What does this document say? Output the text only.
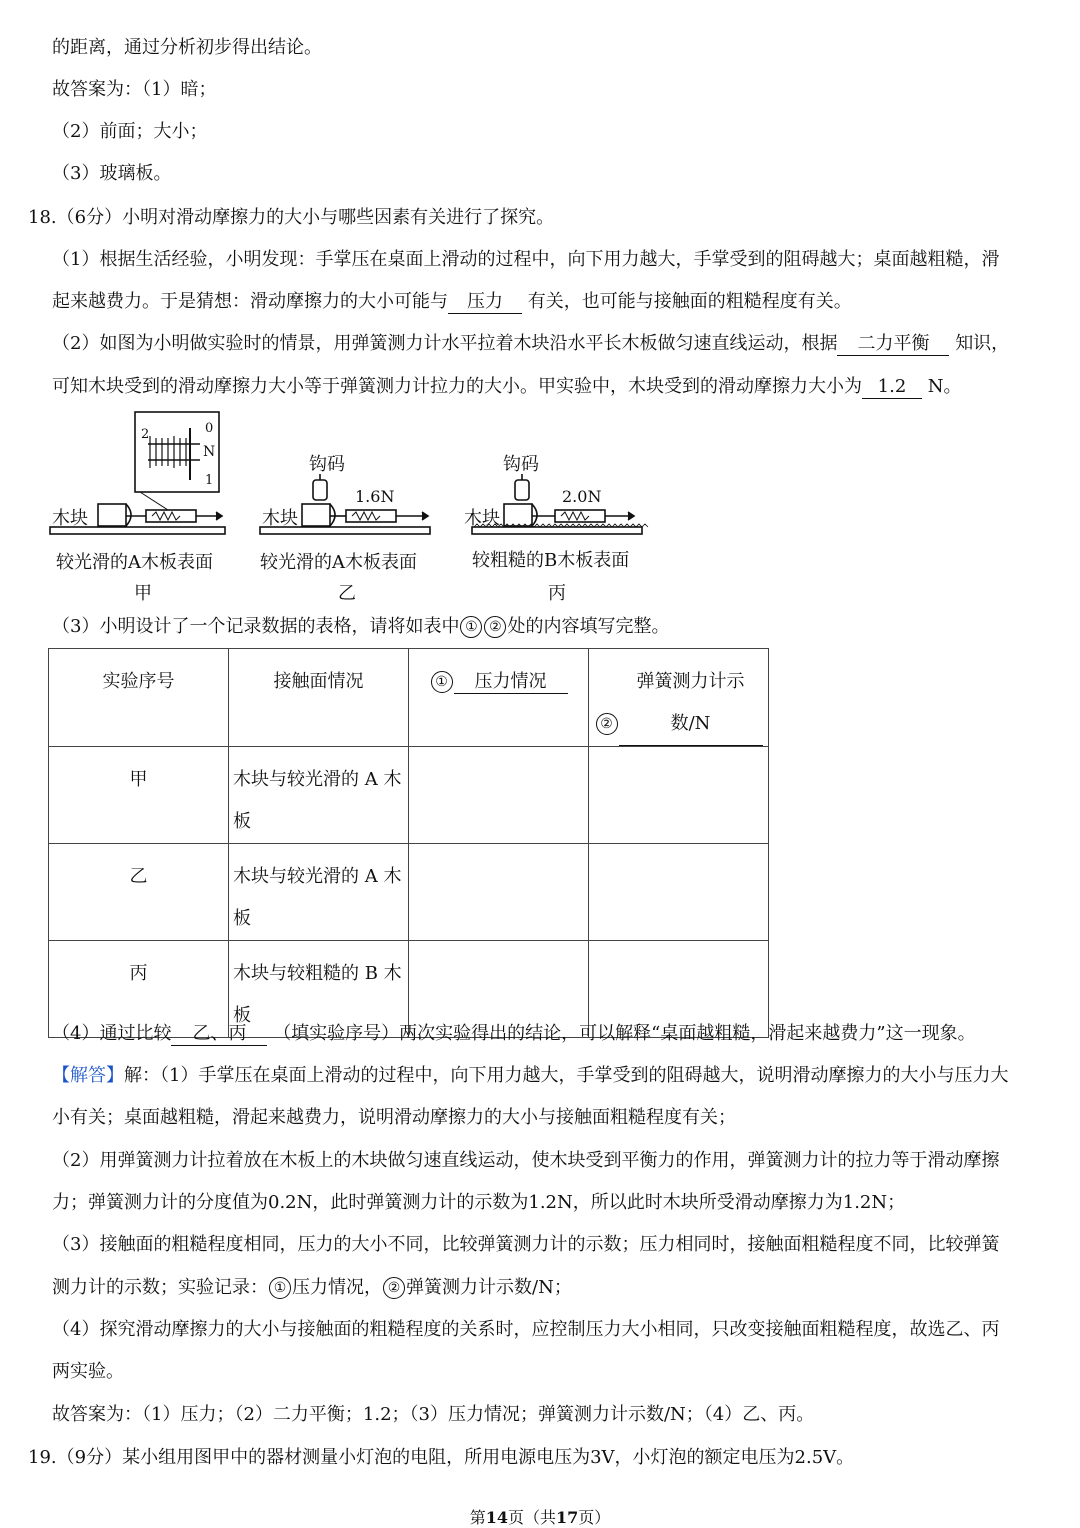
的距离，通过分析初步得出结论。
故答案为：（1）暗；
（2）前面；大小；
（3）玻璃板。
18.（6分）小明对滑动摩擦力的大小与哪些因素有关进行了探究。
（1）根据生活经验，小明发现：手掌压在桌面上滑动的过程中，向下用力越大，手掌受到的阻碍越大；桌面越粗糙，滑
起来越费力。于是猜想：滑动摩擦力的大小可能与 压力 有关，也可能与接触面的粗糙程度有关。
（2）如图为小明做实验时的情景，用弹簧测力计水平拉着木块沿水平长木板做匀速直线运动，根据 二力平衡 知识，
可知木块受到的滑动摩擦力大小等于弹簧测力计拉力的大小。甲实验中，木块受到的滑动摩擦力大小为 1.2 N。
N
0
1
2
木块
较光滑的A木板表面
甲
钩码
1.6N
木块
较光滑的A木板表面
乙
钩码
2.0N
木块
较粗糙的B木板表面
丙
（3）小明设计了一个记录数据的表格，请将如表中 ① ② 处的内容填写完整。
实验序号	接触面情况	① 压力情况	②弹簧测力计示数/N
甲	木块与较光滑的 A 木板		
乙	木块与较光滑的 A 木板		
丙	木块与较粗糙的 B 木板		
（4）通过比较 乙、丙 （填实验序号）两次实验得出的结论，可以解释“桌面越粗糙，滑起来越费力”这一现象。
【解答】解：（1）手掌压在桌面上滑动的过程中，向下用力越大，手掌受到的阻碍越大，说明滑动摩擦力的大小与压力大
小有关；桌面越粗糙，滑起来越费力，说明滑动摩擦力的大小与接触面粗糙程度有关；
（2）用弹簧测力计拉着放在木板上的木块做匀速直线运动，使木块受到平衡力的作用，弹簧测力计的拉力等于滑动摩擦
力；弹簧测力计的分度值为0.2N，此时弹簧测力计的示数为1.2N，所以此时木块所受滑动摩擦力为1.2N；
（3）接触面的粗糙程度相同，压力的大小不同，比较弹簧测力计的示数；压力相同时，接触面粗糙程度不同，比较弹簧
测力计的示数；实验记录： ① 压力情况， ② 弹簧测力计示数/N；
（4）探究滑动摩擦力的大小与接触面的粗糙程度的关系时，应控制压力大小相同，只改变接触面粗糙程度，故选乙、丙
两实验。
故答案为：（1）压力；（2）二力平衡；1.2；（3）压力情况；弹簧测力计示数/N；（4）乙、丙。
19.（9分）某小组用图甲中的器材测量小灯泡的电阻，所用电源电压为3V，小灯泡的额定电压为2.5V。
第14页（共17页）
